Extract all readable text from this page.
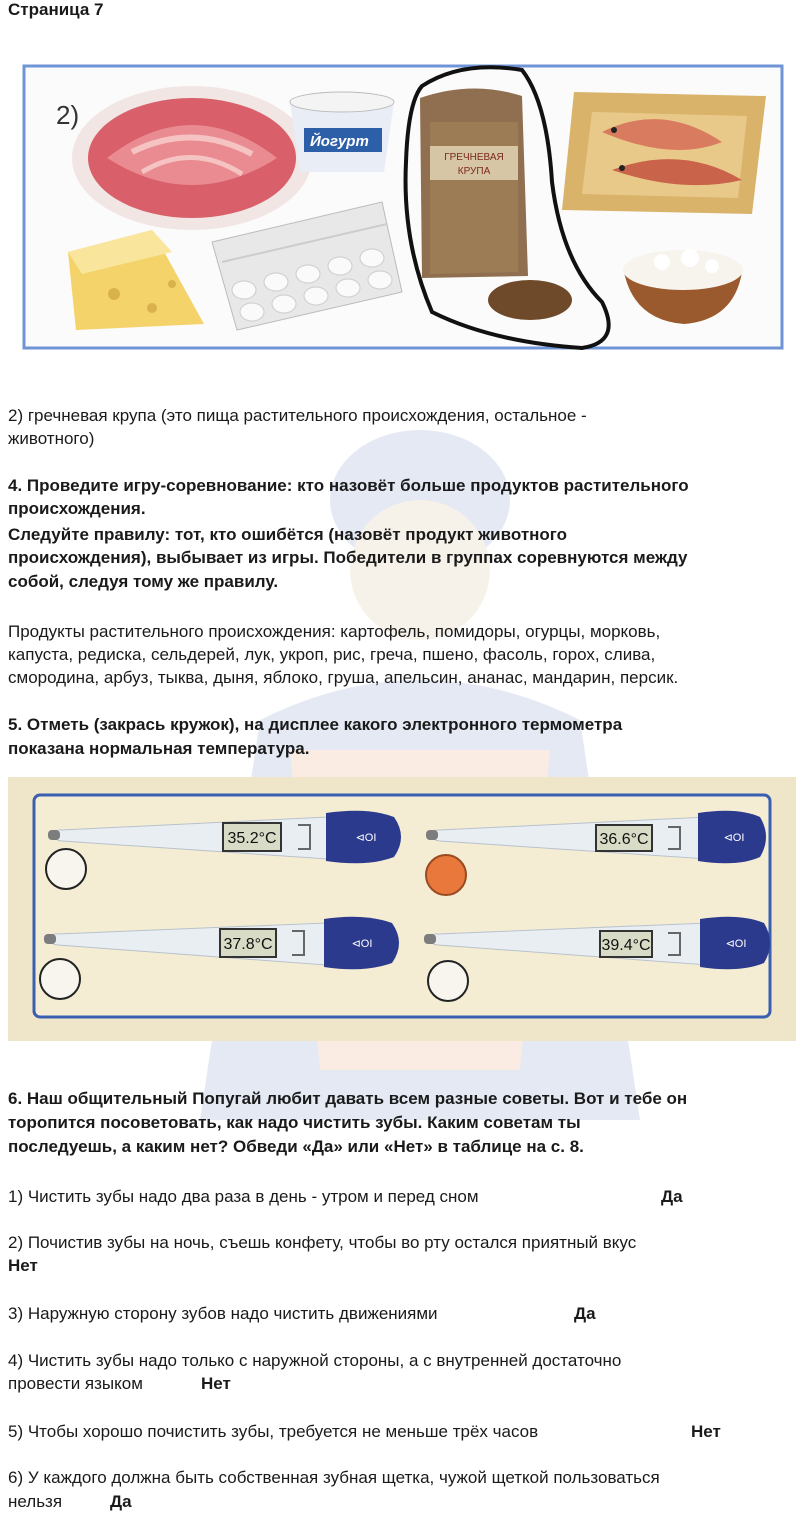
Страница 7
2)
Йогурт
ГРЕЧНЕВАЯ
КРУПА
2) гречневая крупа (это пища растительного происхождения, остальное -
животного)
4. Проведите игру-соревнование: кто назовёт больше продуктов растительного
происхождения.
Следуйте правилу: тот, кто ошибётся (назовёт продукт животного
происхождения), выбывает из игры. Победители в группах соревнуются между
собой, следуя тому же правилу.
Продукты растительного происхождения: картофель, помидоры, огурцы, морковь,
капуста, редиска, сельдерей, лук, укроп, рис, греча, пшено, фасоль, горох, слива,
смородина, арбуз, тыква, дыня, яблоко, груша, апельсин, ананас, мандарин, персик.
5. Отметь (закрась кружок), на дисплее какого электронного термометра
показана нормальная температура.
35.2°C	⊲OI	36.6°C	⊲OI
37.8°C	⊲OI	39.4°C	⊲OI
6. Наш общительный Попугай любит давать всем разные советы. Вот и тебе он
торопится посоветовать, как надо чистить зубы. Каким советам ты
последуешь, а каким нет? Обведи «Да» или «Нет» в таблице на с. 8.
1) Чистить зубы надо два раза в день - утром и перед сном	Да
2) Почистив зубы на ночь, съешь конфету, чтобы во рту остался приятный вкус
Нет
3) Наружную сторону зубов надо чистить движениями	Да
4) Чистить зубы надо только с наружной стороны, а с внутренней достаточно
провести языком	Нет
5) Чтобы хорошо почистить зубы, требуется не меньше трёх часов	Нет
6) У каждого должна быть собственная зубная щетка, чужой щеткой пользоваться
нельзя	Да
